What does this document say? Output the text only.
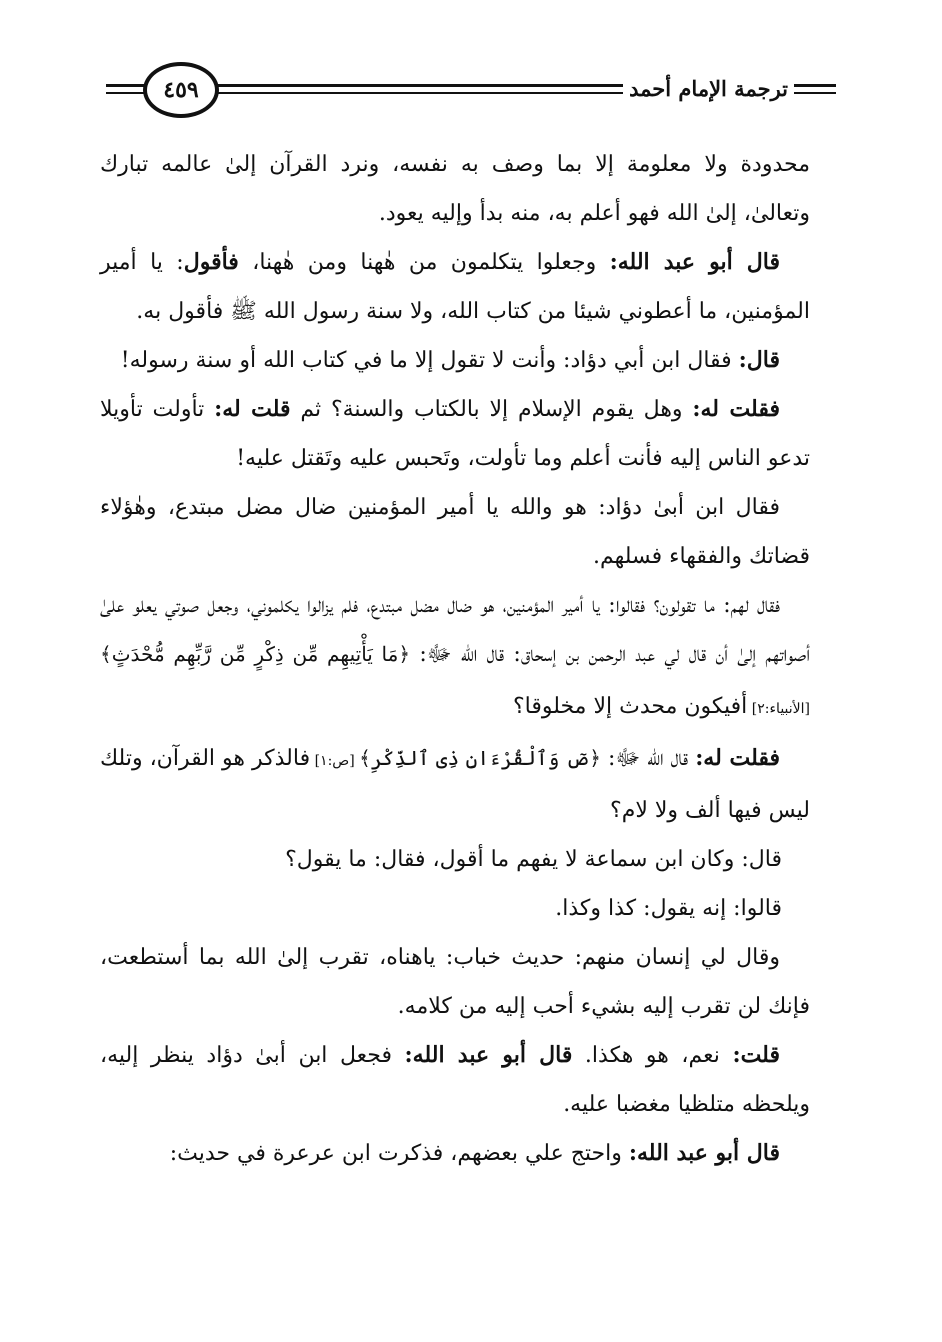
٤٥٩	ترجمة الإمام أحمد

محدودة ولا معلومة إلا بما وصف به نفسه، ونرد القرآن إلىٰ عالمه تبارك وتعالىٰ، إلىٰ الله فهو أعلم به، منه بدأ وإليه يعود.

قال أبو عبد الله: وجعلوا يتكلمون من هٰهنا ومن هٰهنا، فأقول: يا أمير المؤمنين، ما أعطوني شيئا من كتاب الله، ولا سنة رسول الله ﷺ فأقول به.

قال: فقال ابن أبي دؤاد: وأنت لا تقول إلا ما في كتاب الله أو سنة رسوله!

فقلت له: وهل يقوم الإسلام إلا بالكتاب والسنة؟ ثم قلت له: تأولت تأويلا تدعو الناس إليه فأنت أعلم وما تأولت، وتَحبس عليه وتَقتل عليه!

فقال ابن أبىٰ دؤاد: هو والله يا أمير المؤمنين ضال مضل مبتدع، وهٰؤلاء قضاتك والفقهاء فسلهم.

فقال لهم: ما تقولون؟ فقالوا: يا أمير المؤمنين، هو ضال مضل مبتدع، فلم يزالوا يكلموني، وجعل صوتي يعلو علىٰ أصواتهم إلىٰ أن قال لي عبد الرحمن بن إسحاق: قال الله ﷻ: ﴿مَا يَأْتِيهِم مِّن ذِكْرٍ مِّن رَّبِّهِم مُّحْدَثٍ﴾ [الأنبياء:٢] أفيكون محدث إلا مخلوقا؟

فقلت له: قال الله ﷻ: ﴿صٓ وَٱلْقُرْءَانِ ذِى ٱلذِّكْرِ﴾ [ص:١] فالذكر هو القرآن، وتلك ليس فيها ألف ولا لام؟

قال: وكان ابن سماعة لا يفهم ما أقول، فقال: ما يقول؟

قالوا: إنه يقول: كذا وكذا.

وقال لي إنسان منهم: حديث خباب: ياهناه، تقرب إلىٰ الله بما أستطعت، فإنك لن تقرب إليه بشيء أحب إليه من كلامه.

قلت: نعم، هو هكذا. قال أبو عبد الله: فجعل ابن أبىٰ دؤاد ينظر إليه، ويلحظه متلظيا مغضبا عليه.

قال أبو عبد الله: واحتج علي بعضهم، فذكرت ابن عرعرة في حديث:
